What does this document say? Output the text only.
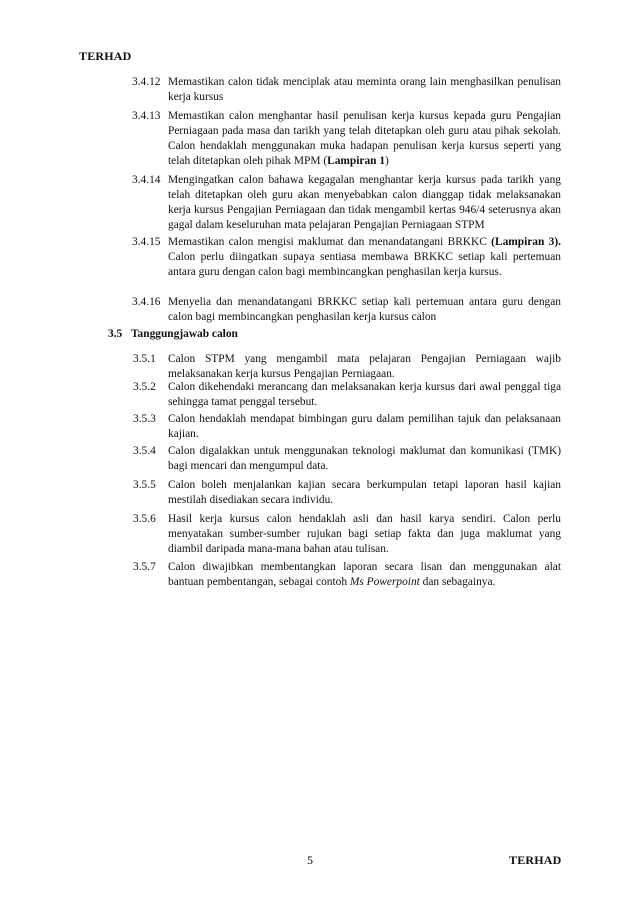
TERHAD
3.4.12 Memastikan calon tidak menciplak atau meminta orang lain menghasilkan penulisan kerja kursus
3.4.13 Memastikan calon menghantar hasil penulisan kerja kursus kepada guru Pengajian Perniagaan pada masa dan tarikh yang telah ditetapkan oleh guru atau pihak sekolah. Calon hendaklah menggunakan muka hadapan penulisan kerja kursus seperti yang telah ditetapkan oleh pihak MPM (Lampiran 1)
3.4.14 Mengingatkan calon bahawa kegagalan menghantar kerja kursus pada tarikh yang telah ditetapkan oleh guru akan menyebabkan calon dianggap tidak melaksanakan kerja kursus Pengajian Perniagaan dan tidak mengambil kertas 946/4 seterusnya akan gagal dalam keseluruhan mata pelajaran Pengajian Perniagaan STPM
3.4.15 Memastikan calon mengisi maklumat dan menandatangani BRKKC (Lampiran 3). Calon perlu diingatkan supaya sentiasa membawa BRKKC setiap kali pertemuan antara guru dengan calon bagi membincangkan penghasilan kerja kursus.
3.4.16 Menyelia dan menandatangani BRKKC setiap kali pertemuan antara guru dengan calon bagi membincangkan penghasilan kerja kursus calon
3.5 Tanggungjawab calon
3.5.1 Calon STPM yang mengambil mata pelajaran Pengajian Perniagaan wajib melaksanakan kerja kursus Pengajian Perniagaan.
3.5.2 Calon dikehendaki merancang dan melaksanakan kerja kursus dari awal penggal tiga sehingga tamat penggal tersebut.
3.5.3 Calon hendaklah mendapat bimbingan guru dalam pemilihan tajuk dan pelaksanaan kajian.
3.5.4 Calon digalakkan untuk menggunakan teknologi maklumat dan komunikasi (TMK) bagi mencari dan mengumpul data.
3.5.5 Calon boleh menjalankan kajian secara berkumpulan tetapi laporan hasil kajian mestilah disediakan secara individu.
3.5.6 Hasil kerja kursus calon hendaklah asli dan hasil karya sendiri. Calon perlu menyatakan sumber-sumber rujukan bagi setiap fakta dan juga maklumat yang diambil daripada mana-mana bahan atau tulisan.
3.5.7 Calon diwajibkan membentangkan laporan secara lisan dan menggunakan alat bantuan pembentangan, sebagai contoh Ms Powerpoint dan sebagainya.
5	TERHAD
